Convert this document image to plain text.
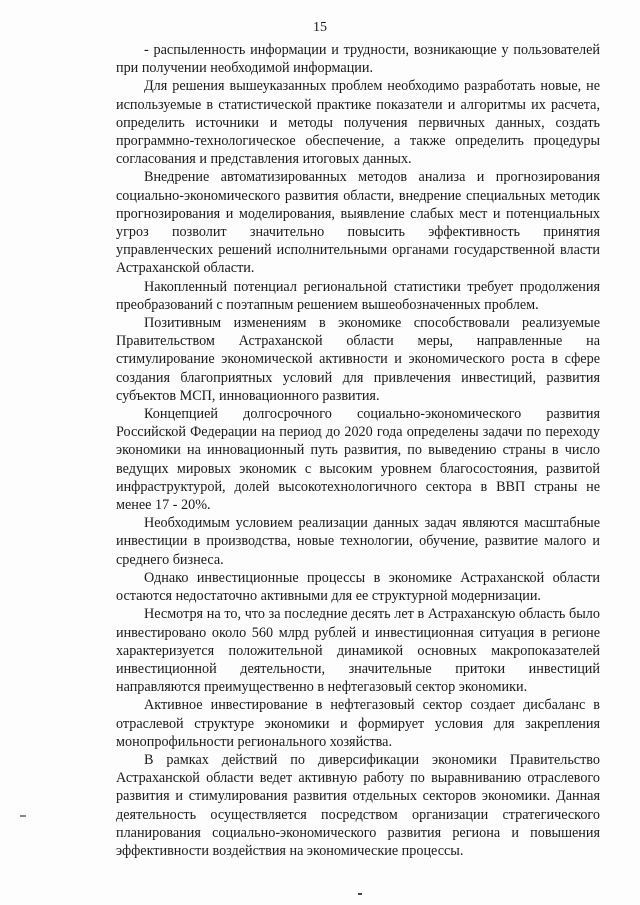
15

- распыленность информации и трудности, возникающие у пользователей при получении необходимой информации.

Для решения вышеуказанных проблем необходимо разработать новые, не используемые в статистической практике показатели и алгоритмы их расчета, определить источники и методы получения первичных данных, создать программно-технологическое обеспечение, а также определить процедуры согласования и представления итоговых данных.

Внедрение автоматизированных методов анализа и прогнозирования социально-экономического развития области, внедрение специальных методик прогнозирования и моделирования, выявление слабых мест и потенциальных угроз позволит значительно повысить эффективность принятия управленческих решений исполнительными органами государственной власти Астраханской области.

Накопленный потенциал региональной статистики требует продолжения преобразований с поэтапным решением вышеобозначенных проблем.

Позитивным изменениям в экономике способствовали реализуемые Правительством Астраханской области меры, направленные на стимулирование экономической активности и экономического роста в сфере создания благоприятных условий для привлечения инвестиций, развития субъектов МСП, инновационного развития.

Концепцией долгосрочного социально-экономического развития Российской Федерации на период до 2020 года определены задачи по переходу экономики на инновационный путь развития, по выведению страны в число ведущих мировых экономик с высоким уровнем благосостояния, развитой инфраструктурой, долей высокотехнологичного сектора в ВВП страны не менее 17 - 20%.

Необходимым условием реализации данных задач являются масштабные инвестиции в производства, новые технологии, обучение, развитие малого и среднего бизнеса.

Однако инвестиционные процессы в экономике Астраханской области остаются недостаточно активными для ее структурной модернизации.

Несмотря на то, что за последние десять лет в Астраханскую область было инвестировано около 560 млрд рублей и инвестиционная ситуация в регионе характеризуется положительной динамикой основных макропоказателей инвестиционной деятельности, значительные притоки инвестиций направляются преимущественно в нефтегазовый сектор экономики.

Активное инвестирование в нефтегазовый сектор создает дисбаланс в отраслевой структуре экономики и формирует условия для закрепления монопрофильности регионального хозяйства.

В рамках действий по диверсификации экономики Правительство Астраханской области ведет активную работу по выравниванию отраслевого развития и стимулирования развития отдельных секторов экономики. Данная деятельность осуществляется посредством организации стратегического планирования социально-экономического развития региона и повышения эффективности воздействия на экономические процессы.
